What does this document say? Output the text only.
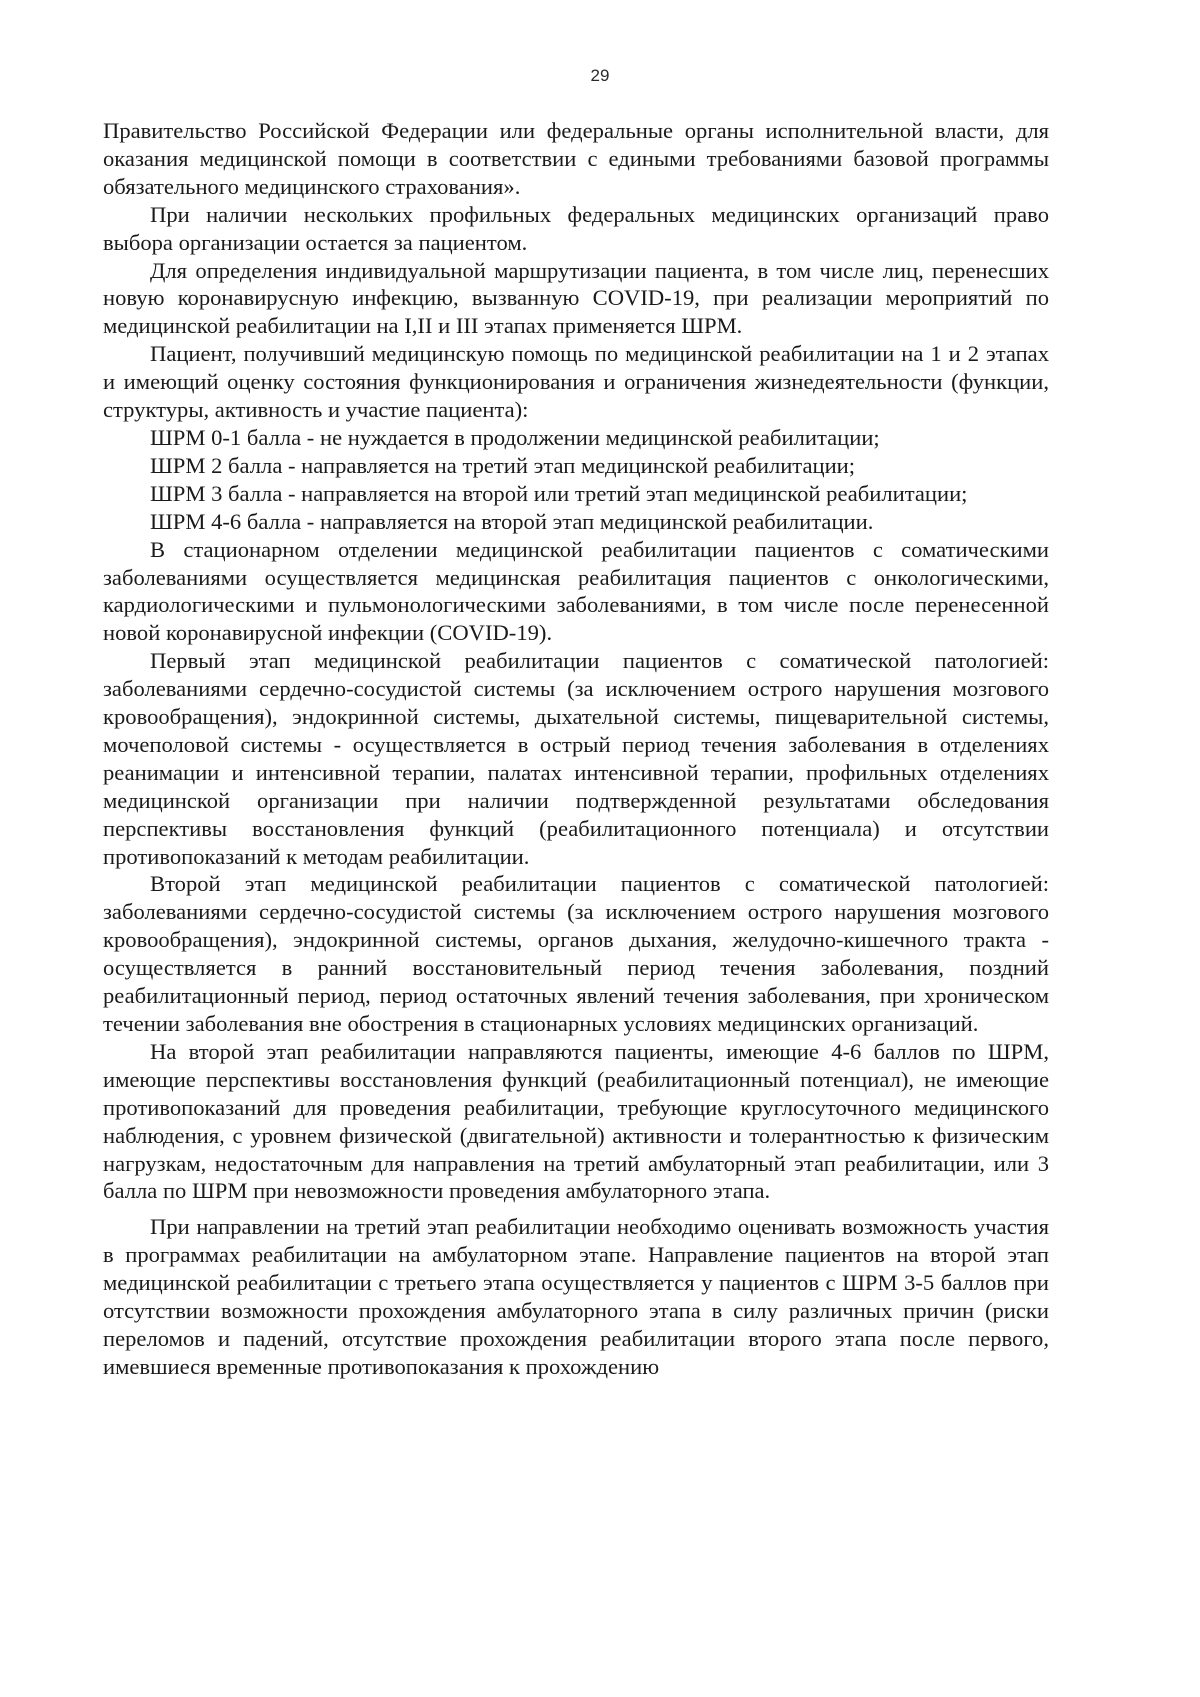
29

Правительство Российской Федерации или федеральные органы исполнительной власти, для оказания медицинской помощи в соответствии с едиными требованиями базовой программы обязательного медицинского страхования».

При наличии нескольких профильных федеральных медицинских организаций право выбора организации остается за пациентом.

Для определения индивидуальной маршрутизации пациента, в том числе лиц, перенесших новую коронавирусную инфекцию, вызванную COVID-19, при реализации мероприятий по медицинской реабилитации на I,II и III этапах применяется ШРМ.

Пациент, получивший медицинскую помощь по медицинской реабилитации на 1 и 2 этапах и имеющий оценку состояния функционирования и ограничения жизнедеятельности (функции, структуры, активность и участие пациента):

ШРМ 0-1 балла - не нуждается в продолжении медицинской реабилитации;

ШРМ 2 балла - направляется на третий этап медицинской реабилитации;

ШРМ 3 балла - направляется на второй или третий этап медицинской реабилитации;

ШРМ 4-6 балла - направляется на второй этап медицинской реабилитации.

В стационарном отделении медицинской реабилитации пациентов с соматическими заболеваниями осуществляется медицинская реабилитация пациентов с онкологическими, кардиологическими и пульмонологическими заболеваниями, в том числе после перенесенной новой коронавирусной инфекции (COVID-19).

Первый этап медицинской реабилитации пациентов с соматической патологией: заболеваниями сердечно-сосудистой системы (за исключением острого нарушения мозгового кровообращения), эндокринной системы, дыхательной системы, пищеварительной системы, мочеполовой системы - осуществляется в острый период течения заболевания в отделениях реанимации и интенсивной терапии, палатах интенсивной терапии, профильных отделениях медицинской организации при наличии подтвержденной результатами обследования перспективы восстановления функций (реабилитационного потенциала) и отсутствии противопоказаний к методам реабилитации.

Второй этап медицинской реабилитации пациентов с соматической патологией: заболеваниями сердечно-сосудистой системы (за исключением острого нарушения мозгового кровообращения), эндокринной системы, органов дыхания, желудочно-кишечного тракта - осуществляется в ранний восстановительный период течения заболевания, поздний реабилитационный период, период остаточных явлений течения заболевания, при хроническом течении заболевания вне обострения в стационарных условиях медицинских организаций.

На второй этап реабилитации направляются пациенты, имеющие 4-6 баллов по ШРМ, имеющие перспективы восстановления функций (реабилитационный потенциал), не имеющие противопоказаний для проведения реабилитации, требующие круглосуточного медицинского наблюдения, с уровнем физической (двигательной) активности и толерантностью к физическим нагрузкам, недостаточным для направления на третий амбулаторный этап реабилитации, или 3 балла по ШРМ при невозможности проведения амбулаторного этапа.

При направлении на третий этап реабилитации необходимо оценивать возможность участия в программах реабилитации на амбулаторном этапе. Направление пациентов на второй этап медицинской реабилитации с третьего этапа осуществляется у пациентов с ШРМ 3-5 баллов при отсутствии возможности прохождения амбулаторного этапа в силу различных причин (риски переломов и падений, отсутствие прохождения реабилитации второго этапа после первого, имевшиеся временные противопоказания к прохождению
